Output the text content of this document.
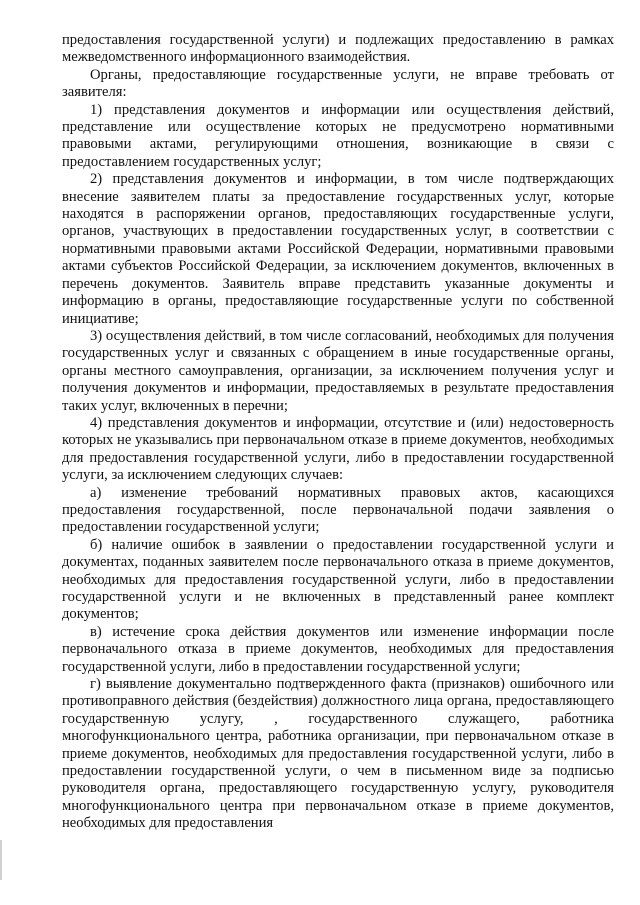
предоставления государственной услуги) и подлежащих предоставлению в рамках межведомственного информационного взаимодействия.

Органы, предоставляющие государственные услуги, не вправе требовать от заявителя:

1) представления документов и информации или осуществления действий, представление или осуществление которых не предусмотрено нормативными правовыми актами, регулирующими отношения, возникающие в связи с предоставлением государственных услуг;

2) представления документов и информации, в том числе подтверждающих внесение заявителем платы за предоставление государственных услуг, которые находятся в распоряжении органов, предоставляющих государственные услуги, органов, участвующих в предоставлении государственных услуг, в соответствии с нормативными правовыми актами Российской Федерации, нормативными правовыми актами субъектов Российской Федерации, за исключением документов, включенных в перечень документов. Заявитель вправе представить указанные документы и информацию в органы, предоставляющие государственные услуги по собственной инициативе;

3) осуществления действий, в том числе согласований, необходимых для получения государственных услуг и связанных с обращением в иные государственные органы, органы местного самоуправления, организации, за исключением получения услуг и получения документов и информации, предоставляемых в результате предоставления таких услуг, включенных в перечни;

4) представления документов и информации, отсутствие и (или) недостоверность которых не указывались при первоначальном отказе в приеме документов, необходимых для предоставления государственной услуги, либо в предоставлении государственной услуги, за исключением следующих случаев:

а) изменение требований нормативных правовых актов, касающихся предоставления государственной, после первоначальной подачи заявления о предоставлении государственной услуги;

б) наличие ошибок в заявлении о предоставлении государственной услуги и документах, поданных заявителем после первоначального отказа в приеме документов, необходимых для предоставления государственной услуги, либо в предоставлении государственной услуги и не включенных в представленный ранее комплект документов;

в) истечение срока действия документов или изменение информации после первоначального отказа в приеме документов, необходимых для предоставления государственной услуги, либо в предоставлении государственной услуги;

г) выявление документально подтвержденного факта (признаков) ошибочного или противоправного действия (бездействия) должностного лица органа, предоставляющего государственную услугу, , государственного служащего, работника многофункционального центра, работника организации, при первоначальном отказе в приеме документов, необходимых для предоставления государственной услуги, либо в предоставлении государственной услуги, о чем в письменном виде за подписью руководителя органа, предоставляющего государственную услугу, руководителя многофункционального центра при первоначальном отказе в приеме документов, необходимых для предоставления
